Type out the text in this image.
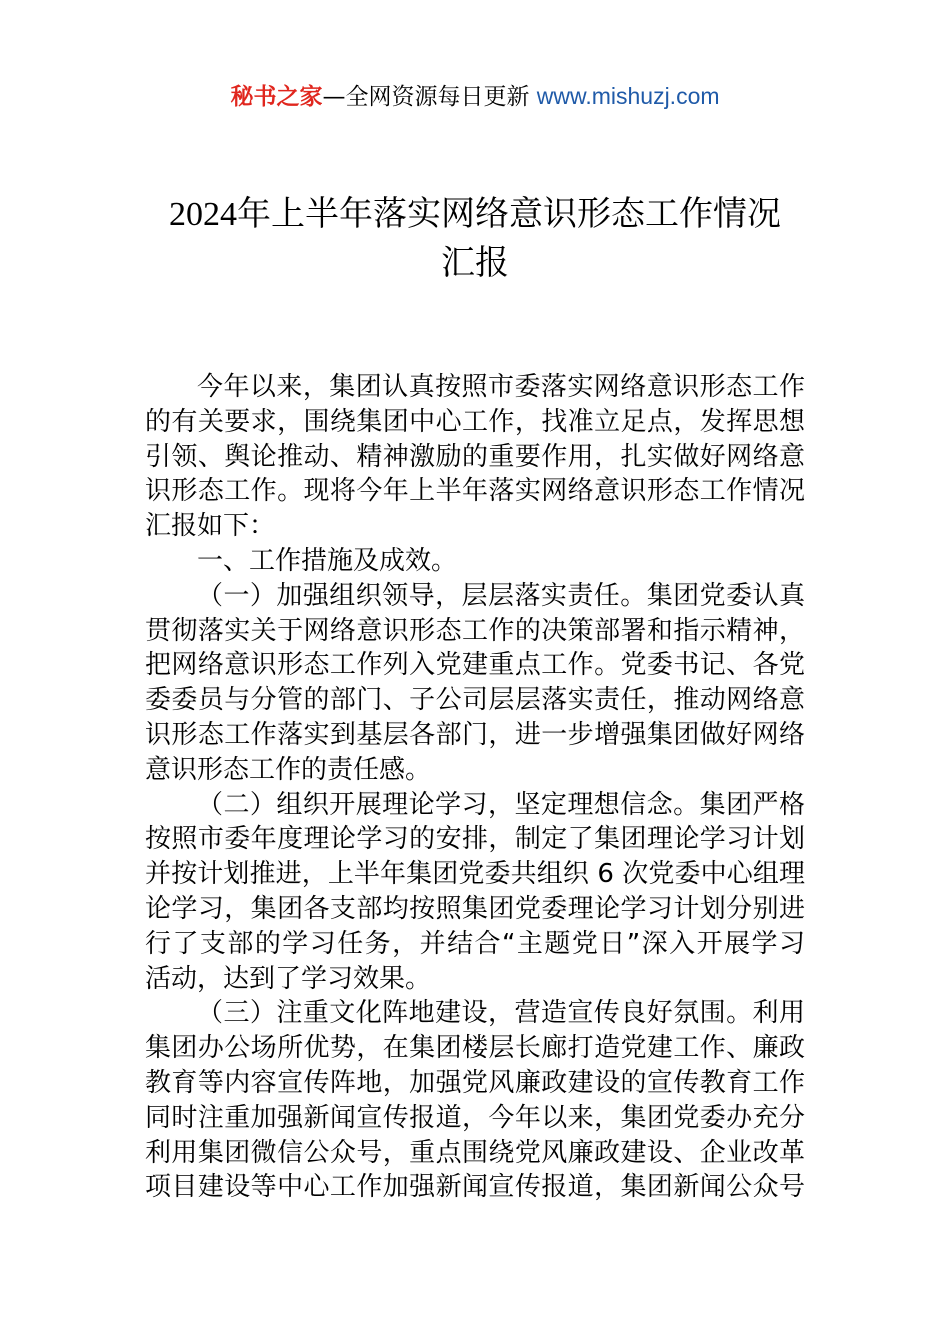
秘书之家—全网资源每日更新 www.mishuzj.com
2024年上半年落实网络意识形态工作情况
汇报
今年以来，集团认真按照市委落实网络意识形态工作
的有关要求，围绕集团中心工作，找准立足点，发挥思想
引领、舆论推动、精神激励的重要作用，扎实做好网络意
识形态工作。现将今年上半年落实网络意识形态工作情况
汇报如下：
一、工作措施及成效。
（一）加强组织领导，层层落实责任。集团党委认真
贯彻落实关于网络意识形态工作的决策部署和指示精神，
把网络意识形态工作列入党建重点工作。党委书记、各党
委委员与分管的部门、子公司层层落实责任，推动网络意
识形态工作落实到基层各部门，进一步增强集团做好网络
意识形态工作的责任感。
（二）组织开展理论学习，坚定理想信念。集团严格
按照市委年度理论学习的安排，制定了集团理论学习计划
并按计划推进，上半年集团党委共组织 6 次党委中心组理
论学习，集团各支部均按照集团党委理论学习计划分别进
行了支部的学习任务，并结合“主题党日”深入开展学习
活动，达到了学习效果。
（三）注重文化阵地建设，营造宣传良好氛围。利用
集团办公场所优势，在集团楼层长廊打造党建工作、廉政
教育等内容宣传阵地，加强党风廉政建设的宣传教育工作
同时注重加强新闻宣传报道，今年以来，集团党委办充分
利用集团微信公众号，重点围绕党风廉政建设、企业改革
项目建设等中心工作加强新闻宣传报道，集团新闻公众号
